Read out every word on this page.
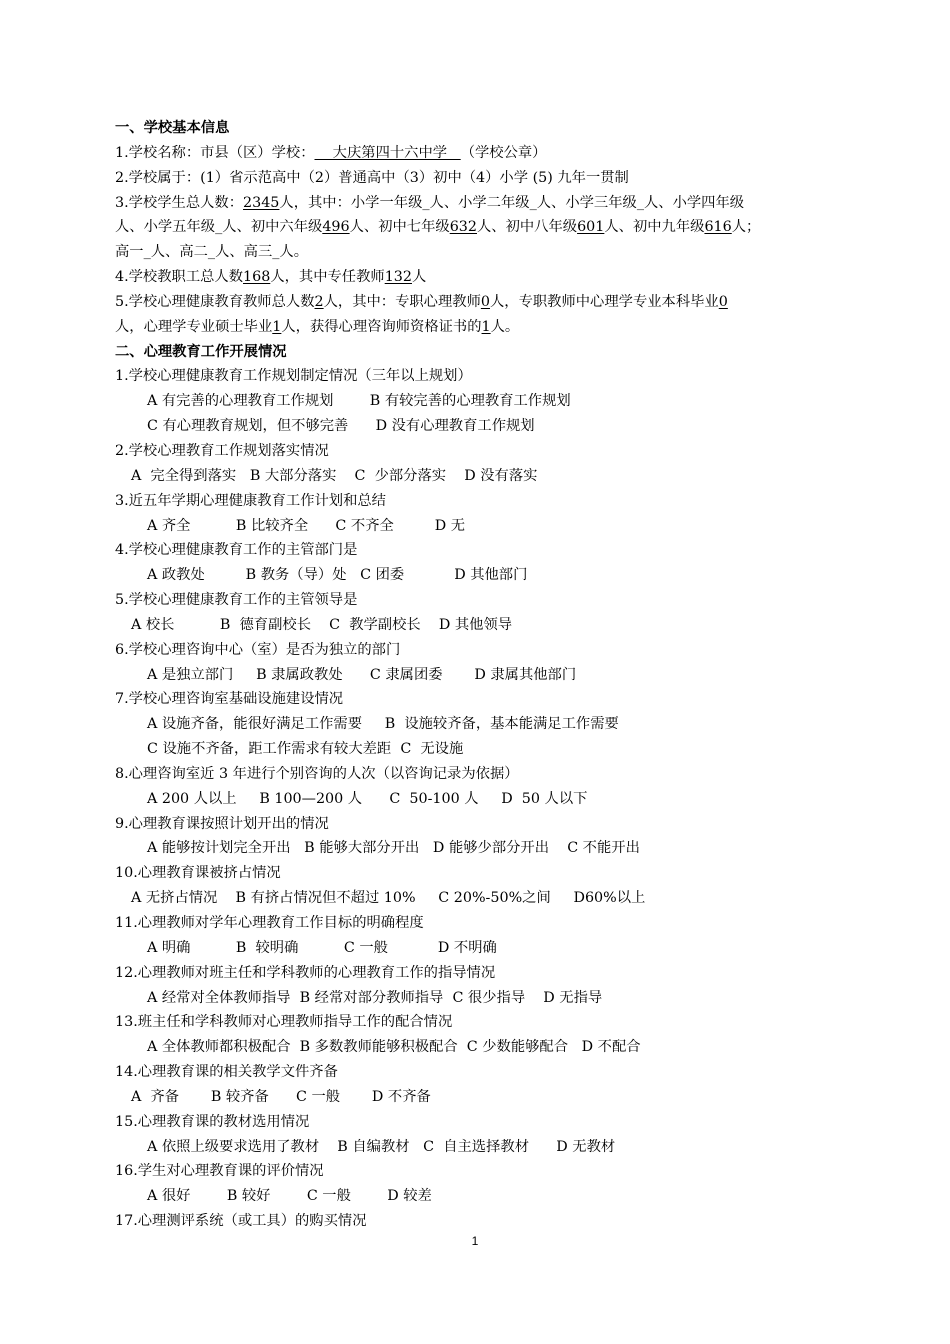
一、学校基本信息
1.学校名称：市县（区）学校：    大庆第四十六中学   （学校公章）
2.学校属于：(1）省示范高中（2）普通高中（3）初中（4）小学 (5) 九年一贯制
3.学校学生总人数：2345人，其中：小学一年级_人、小学二年级_人、小学三年级_人、小学四年级
人、小学五年级_人、初中六年级496人、初中七年级632人、初中八年级601人、初中九年级616人；
高一_人、高二_人、高三_人。
4.学校教职工总人数168人，其中专任教师132人
5.学校心理健康教育教师总人数2人，其中：专职心理教师0人，专职教师中心理学专业本科毕业0
人，心理学专业硕士毕业1人，获得心理咨询师资格证书的1人。
二、心理教育工作开展情况
1.学校心理健康教育工作规划制定情况（三年以上规划）
A 有完善的心理教育工作规划        B 有较完善的心理教育工作规划
C 有心理教育规划，但不够完善      D 没有心理教育工作规划
2.学校心理教育工作规划落实情况
A  完全得到落实   B 大部分落实    C  少部分落实    D 没有落实
3.近五年学期心理健康教育工作计划和总结
A 齐全          B 比较齐全      C 不齐全         D 无
4.学校心理健康教育工作的主管部门是
A 政教处         B 教务（导）处   C 团委           D 其他部门
5.学校心理健康教育工作的主管领导是
A 校长          B  德育副校长    C  教学副校长    D 其他领导
6.学校心理咨询中心（室）是否为独立的部门
A 是独立部门     B 隶属政教处      C 隶属团委       D 隶属其他部门
7.学校心理咨询室基础设施建设情况
A 设施齐备，能很好满足工作需要     B  设施较齐备，基本能满足工作需要
C 设施不齐备，距工作需求有较大差距  C  无设施
8.心理咨询室近 3 年进行个别咨询的人次（以咨询记录为依据）
A 200 人以上     B 100—200 人      C  50-100 人     D  50 人以下
9.心理教育课按照计划开出的情况
A 能够按计划完全开出   B 能够大部分开出   D 能够少部分开出    C 不能开出
10.心理教育课被挤占情况
A 无挤占情况    B 有挤占情况但不超过 10%     C 20%-50%之间     D60%以上
11.心理教师对学年心理教育工作目标的明确程度
A 明确          B  较明确          C 一般           D 不明确
12.心理教师对班主任和学科教师的心理教育工作的指导情况
A 经常对全体教师指导  B 经常对部分教师指导  C 很少指导    D 无指导
13.班主任和学科教师对心理教师指导工作的配合情况
A 全体教师都积极配合  B 多数教师能够积极配合  C 少数能够配合   D 不配合
14.心理教育课的相关教学文件齐备
A  齐备       B 较齐备      C 一般       D 不齐备
15.心理教育课的教材选用情况
A 依照上级要求选用了教材    B 自编教材   C  自主选择教材      D 无教材
16.学生对心理教育课的评价情况
A 很好        B 较好        C 一般        D 较差
17.心理测评系统（或工具）的购买情况
1
